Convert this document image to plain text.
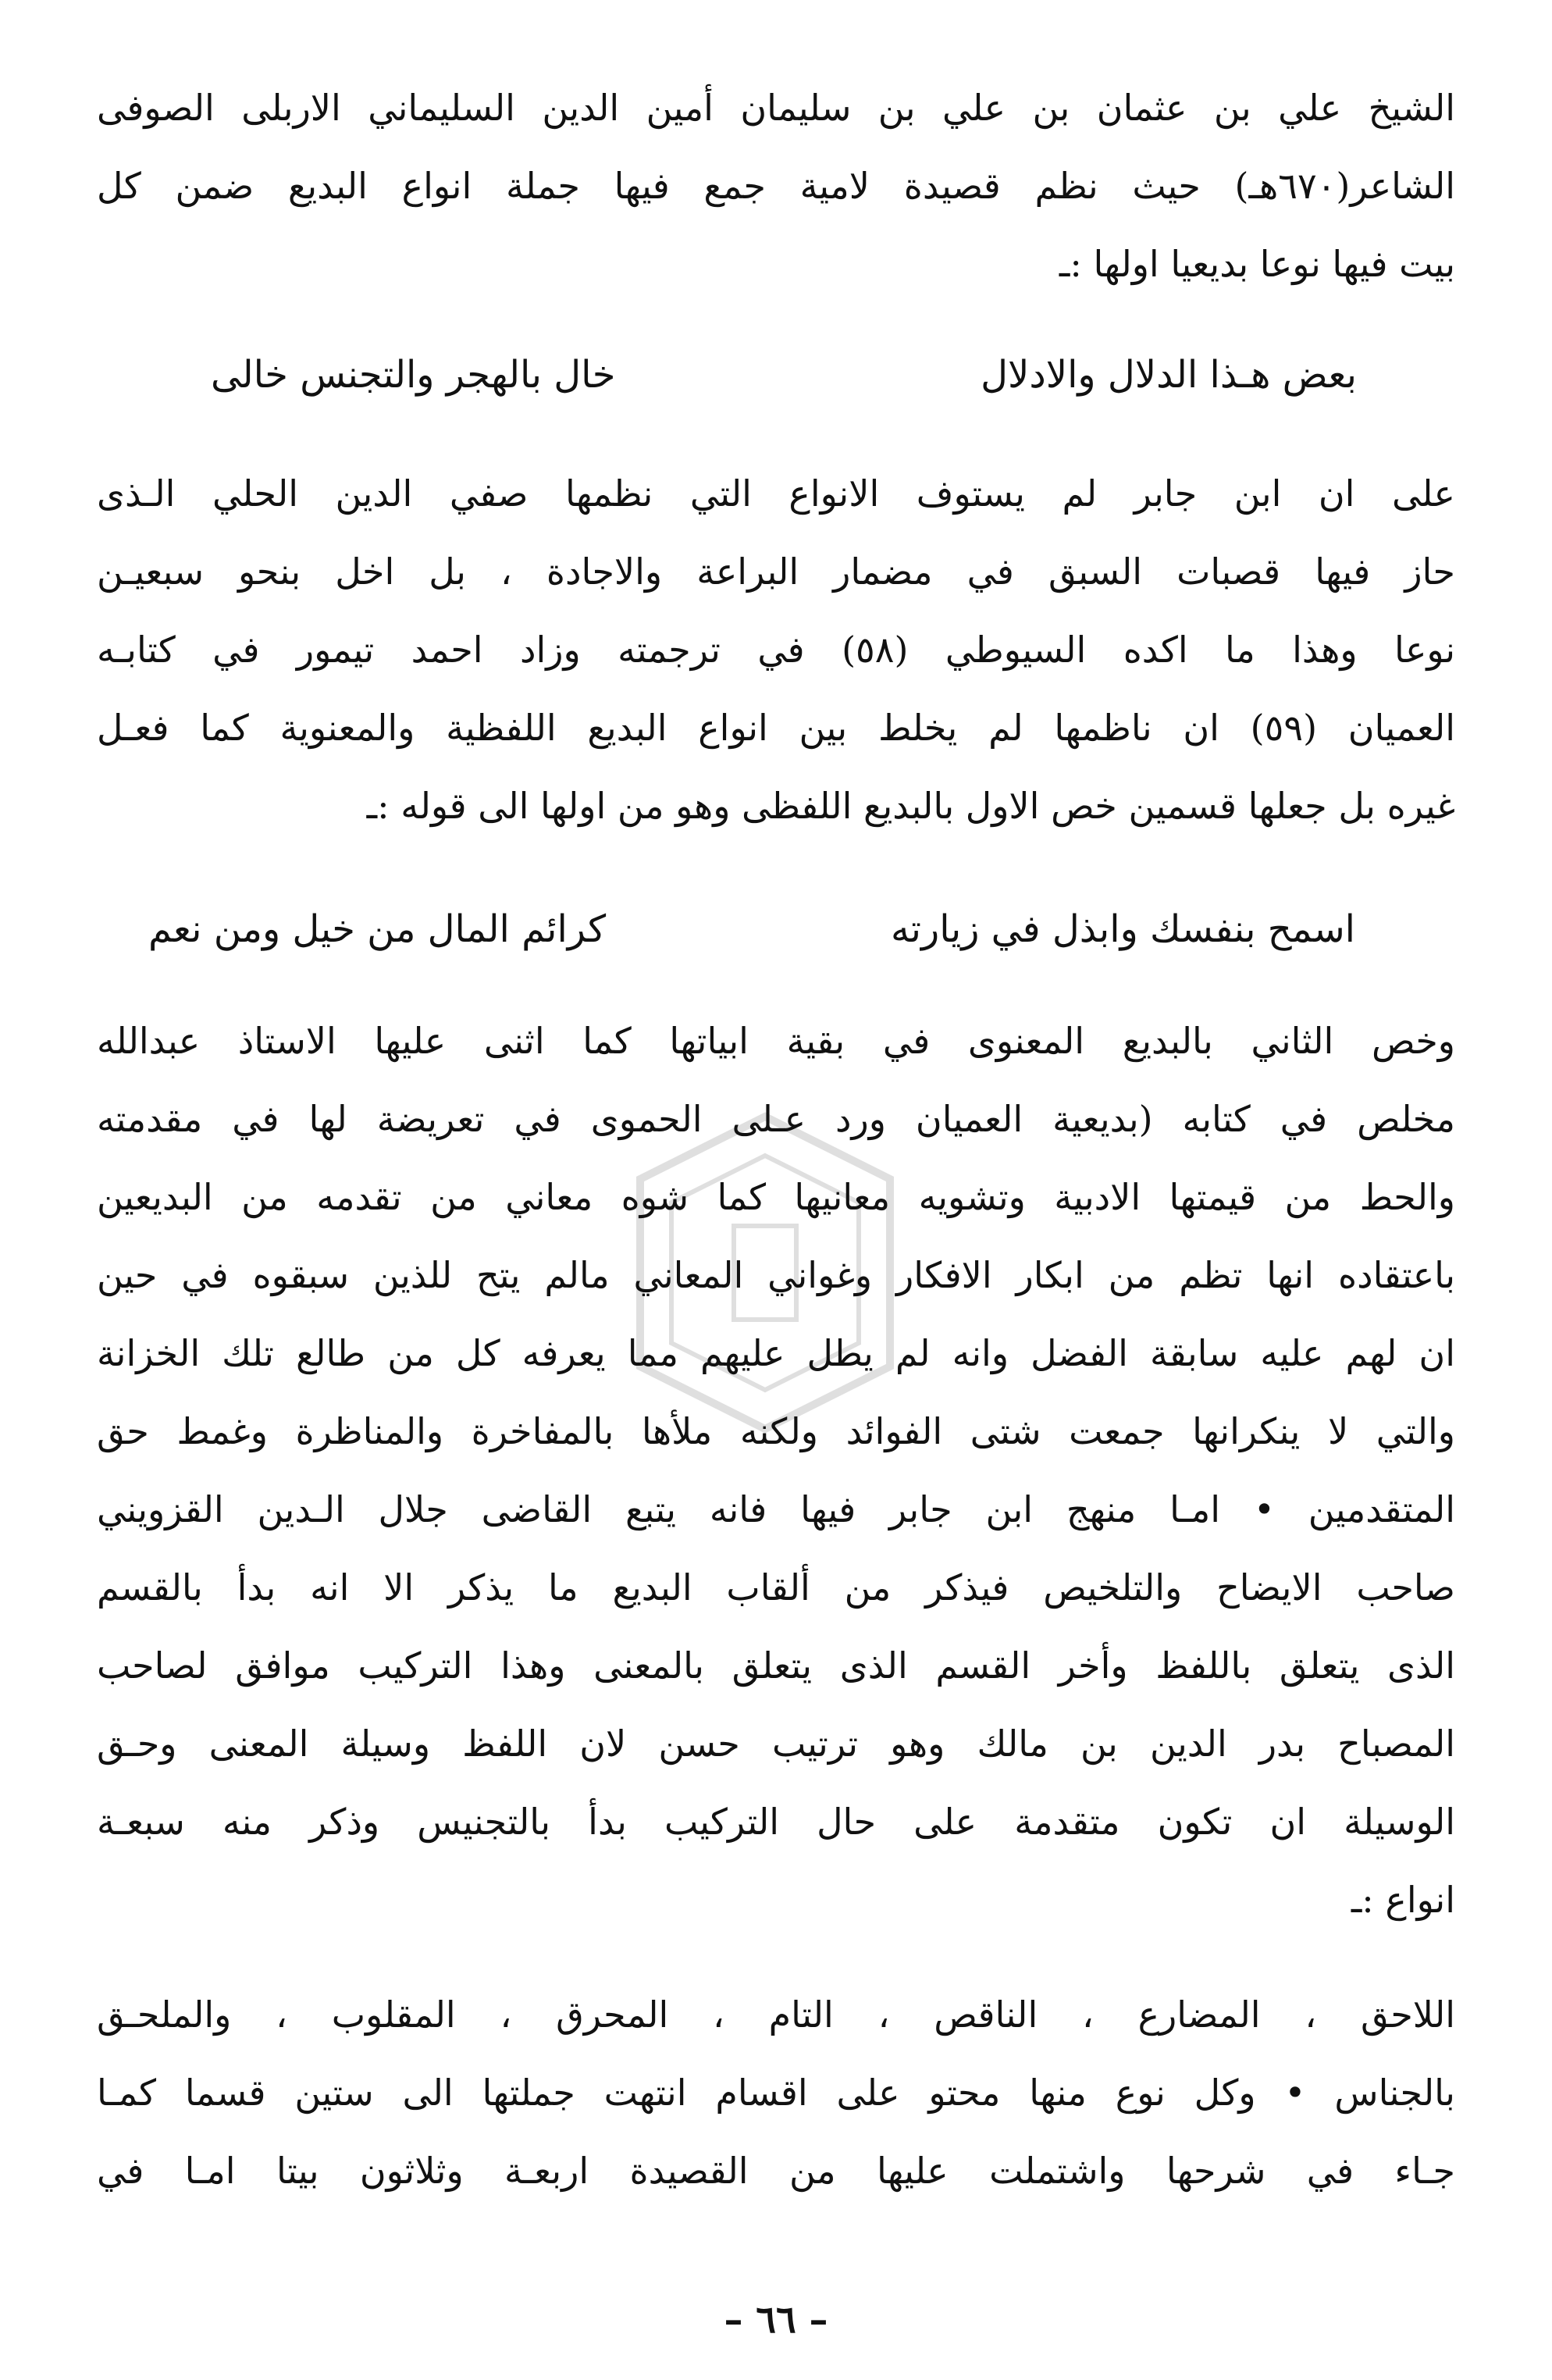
الشيخ علي بن عثمان بن علي بن سليمان أمين الدين السليماني الاربلى الصوفى
الشاعر(٦٧٠هـ) حيث نظم قصيدة لامية جمع فيها جملة انواع البديع ضمن كل
بيت فيها نوعا بديعيا اولها :ـ
بعض هـذا الدلال والادلال
خال بالهجر والتجنس خالى
على ان ابن جابر لم يستوف الانواع التي نظمها صفي الدين الحلي الـذى
حاز فيها قصبات السبق في مضمار البراعة والاجادة ، بل اخل بنحو سبعيـن
نوعا وهذا ما اكده السيوطي (٥٨) في ترجمته وزاد احمد تيمور في كتابـه
العميان (٥٩) ان ناظمها لم يخلط بين انواع البديع اللفظية والمعنوية كما فعـل
غيره بل جعلها قسمين خص الاول بالبديع اللفظى وهو من اولها الى قوله :ـ
اسمح بنفسك وابذل في زيارته
كرائم المال من خيل ومن نعم
وخص الثاني بالبديع المعنوى في بقية ابياتها كما اثنى عليها الاستاذ عبدالله
مخلص في كتابه (بديعية العميان ورد عـلى الحموى في تعريضة لها في مقدمته
والحط من قيمتها الادبية وتشويه معانيها كما شوه معاني من تقدمه من البديعين
باعتقاده انها تظم من ابكار الافكار وغواني المعاني مالم يتح للذين سبقوه في حين
ان لهم عليه سابقة الفضل وانه لم يطل عليهم مما يعرفه كل من طالع تلك الخزانة
والتي لا ينكرانها جمعت شتى الفوائد ولكنه ملأها بالمفاخرة والمناظرة وغمط حق
المتقدمين • امـا منهج ابن جابر فيها فانه يتبع القاضى جلال الـدين القزويني
صاحب الايضاح والتلخيص فيذكر من ألقاب البديع ما يذكر الا انه بدأ بالقسم
الذى يتعلق باللفظ وأخر القسم الذى يتعلق بالمعنى وهذا التركيب موافق لصاحب
المصباح بدر الدين بن مالك وهو ترتيب حسن لان اللفظ وسيلة المعنى وحـق
الوسيلة ان تكون متقدمة على حال التركيب بدأ بالتجنيس وذكر منه سبعـة
انواع :ـ
اللاحق ، المضارع ، الناقص ، التام ، المحرق ، المقلوب ، والملحـق
بالجناس • وكل نوع منها محتو على اقسام انتهت جملتها الى ستين قسما كمـا
جـاء في شرحها واشتملت عليها من القصيدة اربعـة وثلاثون بيتا امـا في
– ٦٦ –
